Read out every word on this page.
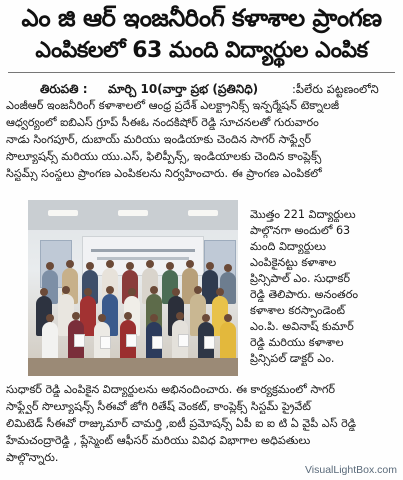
ఎం జి ఆర్ ఇంజనీరింగ్ కళాశాల ప్రాంగణ
ఎంపికలలో 63 మంది విద్యార్థుల ఎంపిక
తిరుపతి : మార్చి 10(వార్తా ప్రభ (ప్రతినిధి)	:పీలేరు పట్టణంలోని
ఎంజీఆర్ ఇంజనీరింగ్ కళాశాలలో ఆంధ్ర ప్రదేశ్ ఎలక్ట్రానిక్స్ ఇన్ఫర్మేషన్ టెక్నాలజీ
ఆధ్వర్యంలో ఐబిఎస్ గ్రూప్ సీఈఓ నందకిషోర్ రెడ్డి సూచనలతో గురువారం
నాడు సింగపూర్, దుబాయ్ మరియు ఇండియాకు చెందిన సాగర్ సాఫ్ట్వేర్
సొల్యూషన్స్ మరియు యు.ఎస్, ఫిలిప్పీన్స్, ఇండియాలకు చెందిన కాంప్లెక్స్
సిస్టమ్స్ సంస్థలు ప్రాంగణ ఎంపికలను నిర్వహించారు. ఈ ప్రాంగణ ఎంపికలో
మొత్తం 221 విద్యార్థులు
పాల్గొనగా అందులో 63
మంది విద్యార్థులు
ఎంపికైనట్టు కళాశాల
ప్రిన్సిపాల్ ఎం. సుధాకర్
రెడ్డి తెలిపారు. అనంతరం
కళాశాల కరస్పాండెంట్
ఎం.పి. అవినాష్ కుమార్
రెడ్డి మరియు కళాశాల
ప్రిన్సిపల్ డాక్టర్ ఎం.
సుధాకర్ రెడ్డి ఎంపికైన విద్యార్థులను అభినందించారు. ఈ కార్యక్రమంలో సాగర్
సాఫ్ట్వేర్ సొల్యూషన్స్ సీఈవో జోగి రితేష్ వెంకట్, కాంప్లెక్స్ సిస్టమ్ ప్రైవేట్
లిమిటెడ్ సీఈవో రాజ్కుమార్ చామర్తి ,ఐటీ ప్రమోషన్స్ ఏపీ ఐ ఐ టి ఏ వైపీ ఎస్ రెడ్డి
హేమచంద్రారెడ్డి , ప్లేస్మెంట్ ఆఫీసర్ మరియు వివిధ విభాగాల అధిపతులు
పాల్గొన్నారు.
VisualLightBox.com
